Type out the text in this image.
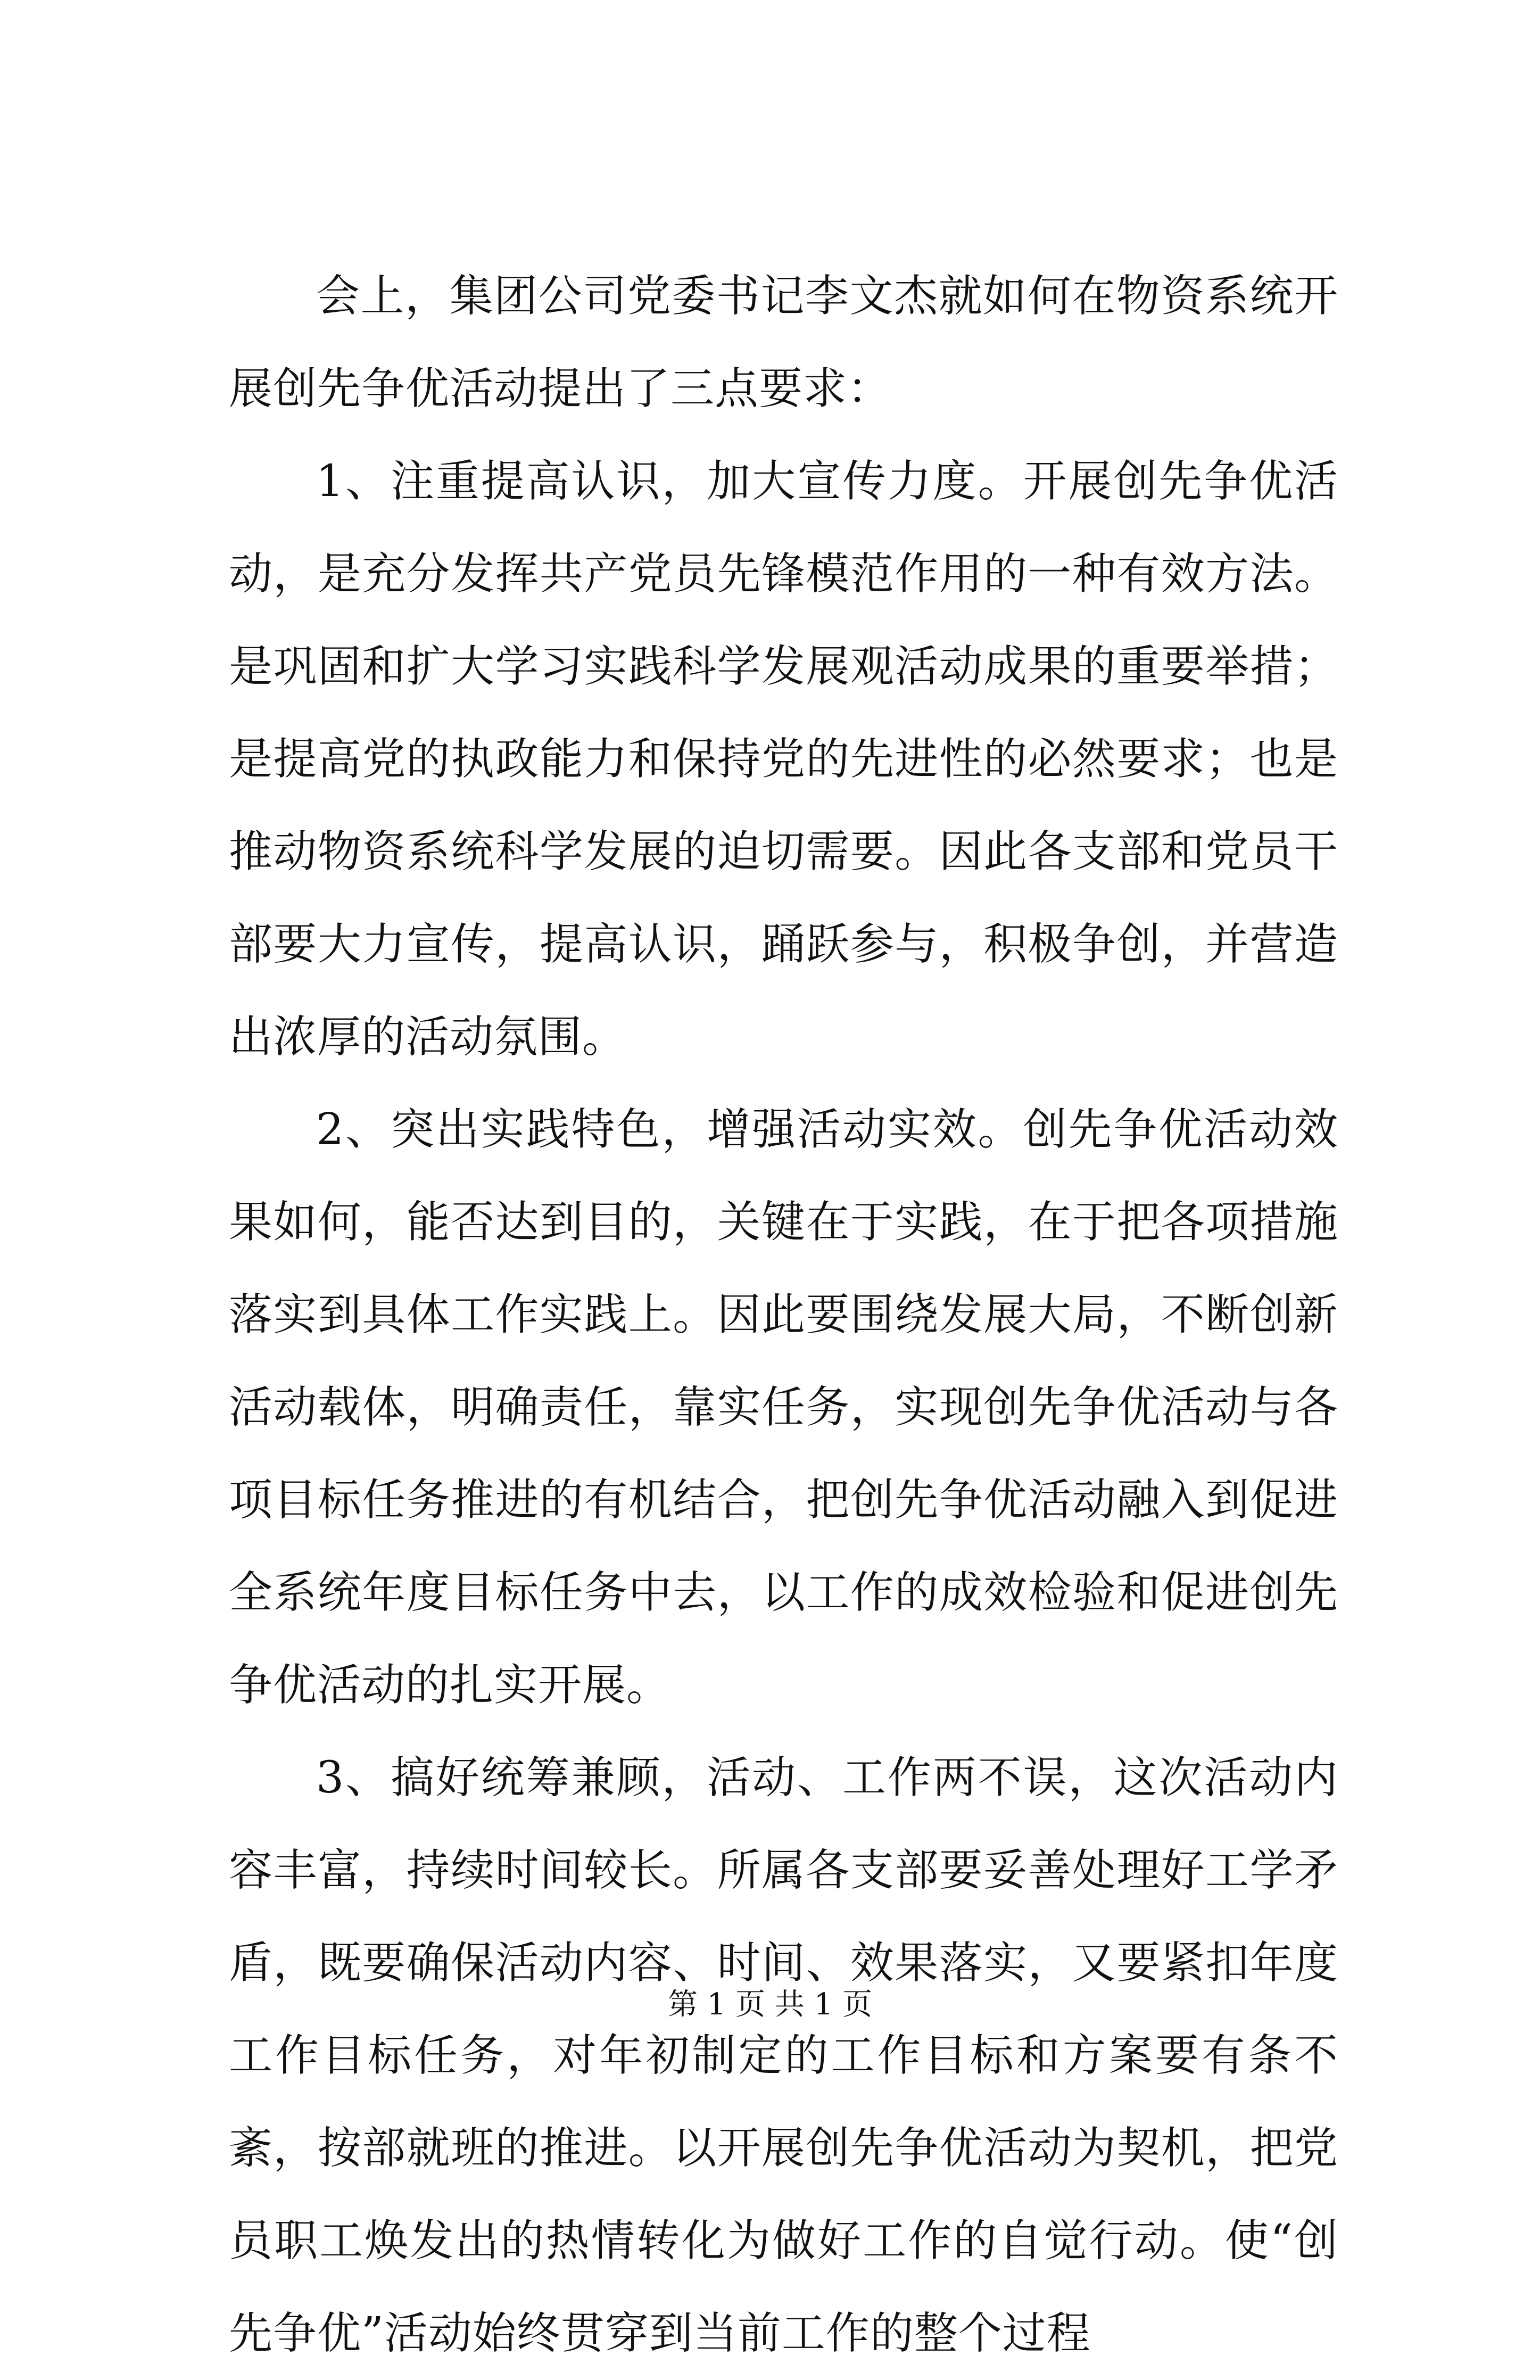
会上，集团公司党委书记李文杰就如何在物资系统开展创先争优活动提出了三点要求：

1、注重提高认识，加大宣传力度。开展创先争优活动，是充分发挥共产党员先锋模范作用的一种有效方法。是巩固和扩大学习实践科学发展观活动成果的重要举措；是提高党的执政能力和保持党的先进性的必然要求；也是推动物资系统科学发展的迫切需要。因此各支部和党员干部要大力宣传，提高认识，踊跃参与，积极争创，并营造出浓厚的活动氛围。

2、突出实践特色，增强活动实效。创先争优活动效果如何，能否达到目的，关键在于实践，在于把各项措施落实到具体工作实践上。因此要围绕发展大局，不断创新活动载体，明确责任，靠实任务，实现创先争优活动与各项目标任务推进的有机结合，把创先争优活动融入到促进全系统年度目标任务中去，以工作的成效检验和促进创先争优活动的扎实开展。

3、搞好统筹兼顾，活动、工作两不误，这次活动内容丰富，持续时间较长。所属各支部要妥善处理好工学矛盾，既要确保活动内容、时间、效果落实，又要紧扣年度工作目标任务，对年初制定的工作目标和方案要有条不紊，按部就班的推进。以开展创先争优活动为契机，把党员职工焕发出的热情转化为做好工作的自觉行动。使“创先争优”活动始终贯穿到当前工作的整个过程

第 1 页 共 1 页
